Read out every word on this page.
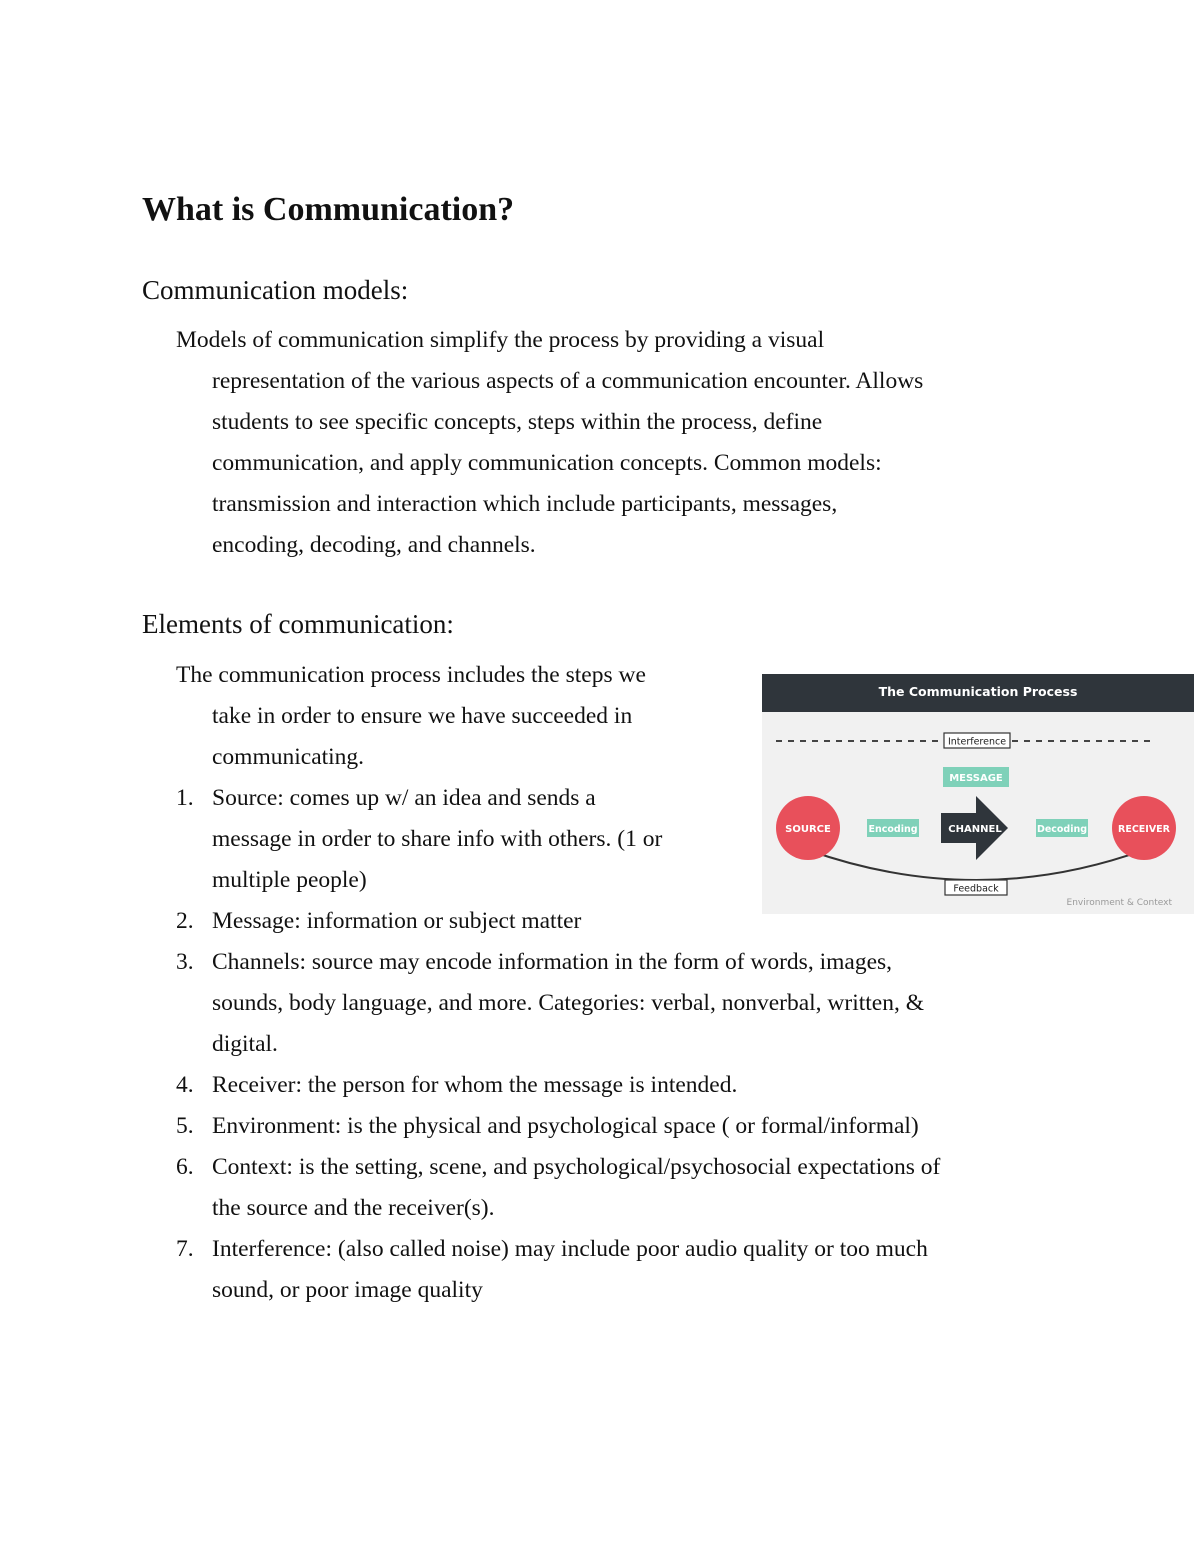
What is Communication?
Communication models:

Models of communication simplify the process by providing a visual
representation of the various aspects of a communication encounter. Allows
students to see specific concepts, steps within the process, define
communication, and apply communication concepts. Common models:
transmission and interaction which include participants, messages,
encoding, decoding, and channels.

Elements of communication:

The communication process includes the steps we
take in order to ensure we have succeeded in
communicating.

1. Source: comes up w/ an idea and sends a
message in order to share info with others. (1 or
multiple people)
2. Message: information or subject matter
3. Channels: source may encode information in the form of words, images,
sounds, body language, and more. Categories: verbal, nonverbal, written, &
digital.
4. Receiver: the person for whom the message is intended.
5. Environment: is the physical and psychological space ( or formal/informal)
6. Context: is the setting, scene, and psychological/psychosocial expectations of
the source and the receiver(s).
7. Interference: (also called noise) may include poor audio quality or too much
sound, or poor image quality
The Communication Process
Interference
MESSAGE
SOURCE	RECEIVER
Encoding	CHANNEL	Decoding
Feedback
Environment & Context
